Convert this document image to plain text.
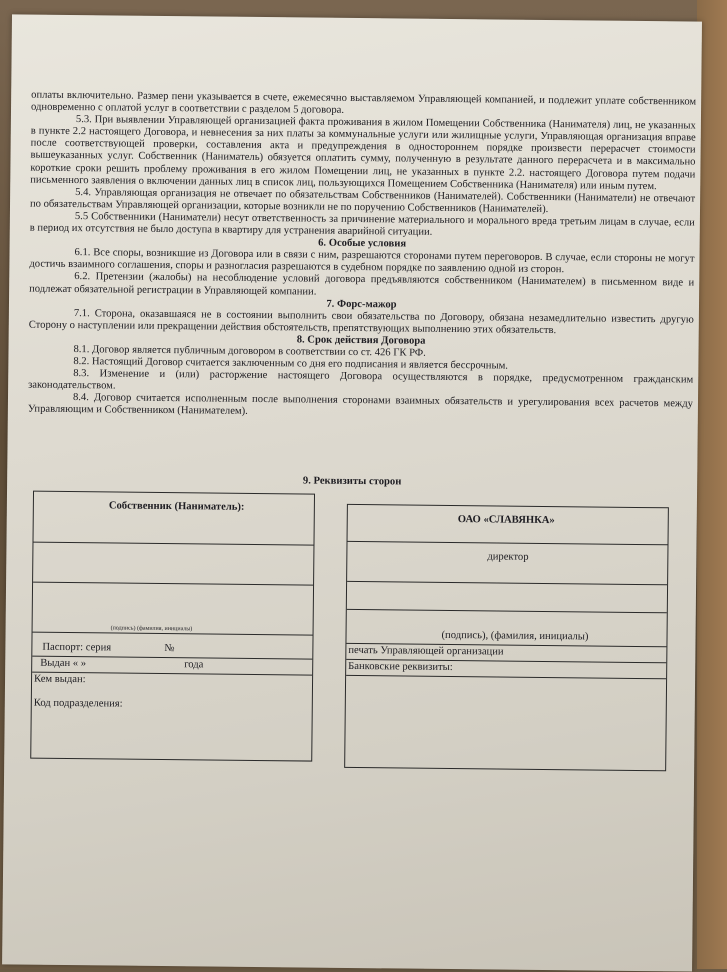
оплаты включительно. Размер пени указывается в счете, ежемесячно выставляемом Управляющей компанией, и подлежит уплате собственником одновременно с оплатой услуг в соответствии с разделом 5 договора.

5.3. При выявлении Управляющей организацией факта проживания в жилом Помещении Собственника (Нанимателя) лиц, не указанных в пункте 2.2 настоящего Договора, и невнесения за них платы за коммунальные услуги или жилищные услуги, Управляющая организация вправе после соответствующей проверки, составления акта и предупреждения в одностороннем порядке произвести перерасчет стоимости вышеуказанных услуг. Собственник (Наниматель) обязуется оплатить сумму, полученную в результате данного перерасчета и в максимально короткие сроки решить проблему проживания в его жилом Помещении лиц, не указанных в пункте 2.2. настоящего Договора путем подачи письменного заявления о включении данных лиц в список лиц, пользующихся Помещением Собственника (Нанимателя) или иным путем.

5.4. Управляющая организация не отвечает по обязательствам Собственников (Нанимателей). Собственники (Наниматели) не отвечают по обязательствам Управляющей организации, которые возникли не по поручению Собственников (Нанимателей).

5.5 Собственники (Наниматели) несут ответственность за причинение материального и морального вреда третьим лицам в случае, если в период их отсутствия не было доступа в квартиру для устранения аварийной ситуации.

6. Особые условия

6.1. Все споры, возникшие из Договора или в связи с ним, разрешаются сторонами путем переговоров. В случае, если стороны не могут достичь взаимного соглашения, споры и разногласия разрешаются в судебном порядке по заявлению одной из сторон.

6.2. Претензии (жалобы) на несоблюдение условий договора предъявляются собственником (Нанимателем) в письменном виде и подлежат обязательной регистрации в Управляющей компании.

7. Форс-мажор

7.1. Сторона, оказавшаяся не в состоянии выполнить свои обязательства по Договору, обязана незамедлительно известить другую Сторону о наступлении или прекращении действия обстоятельств, препятствующих выполнению этих обязательств.

8. Срок действия Договора

8.1. Договор является публичным договором в соответствии со ст. 426 ГК РФ.

8.2. Настоящий Договор считается заключенным со дня его подписания и является бессрочным.

8.3. Изменение и (или) расторжение настоящего Договора осуществляются в порядке, предусмотренном гражданским законодательством.

8.4. Договор считается исполненным после выполнения сторонами взаимных обязательств и урегулирования всех расчетов между Управляющим и Собственником (Нанимателем).

9. Реквизиты сторон
Собственник (Наниматель):
(подпись) (фамилия, инициалы)
Паспорт: серия	№
Выдан « »	года
Кем выдан:
Код подразделения:
ОАО «СЛАВЯНКА»
директор
(подпись), (фамилия, инициалы)
печать Управляющей организации
Банковские реквизиты:
